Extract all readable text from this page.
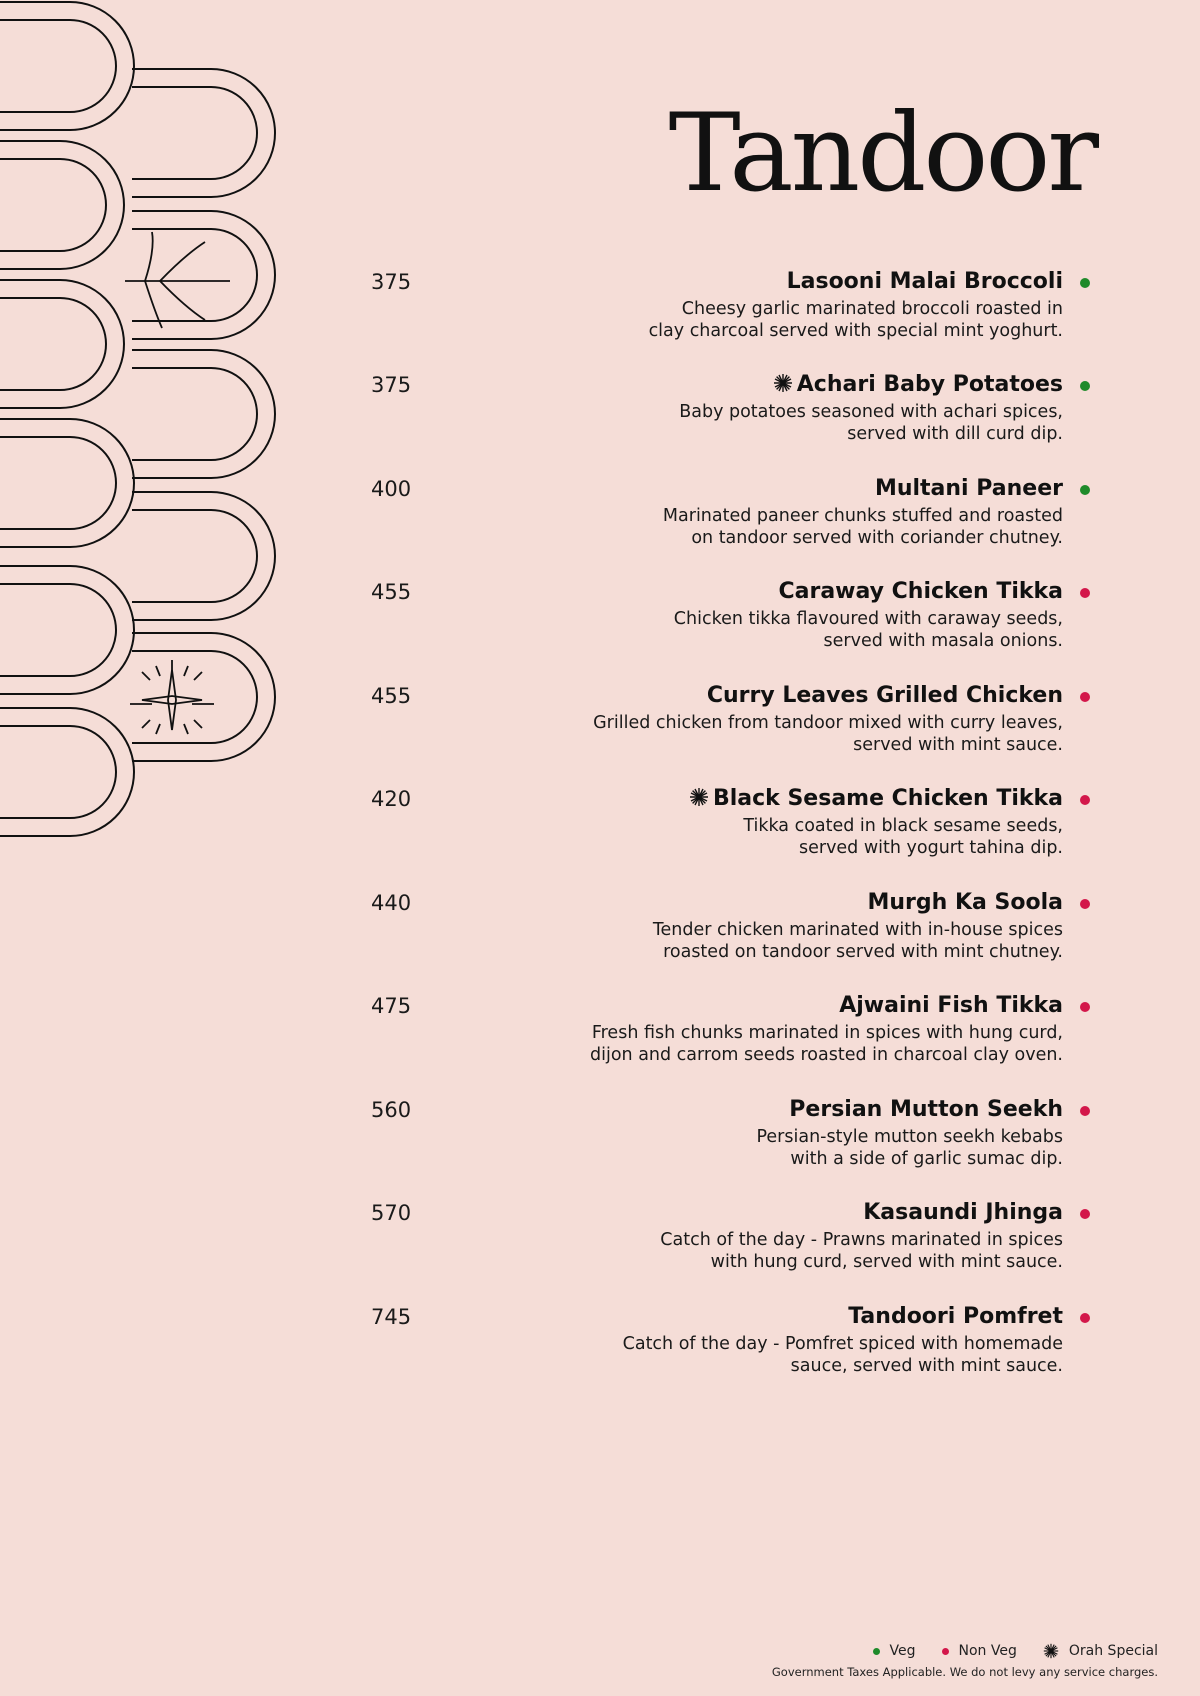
Tandoor
375	Lasooni Malai Broccoli
Cheesy garlic marinated broccoli roasted in
clay charcoal served with special mint yoghurt.
375	Achari Baby Potatoes
Baby potatoes seasoned with achari spices,
served with dill curd dip.
400	Multani Paneer
Marinated paneer chunks stuffed and roasted
on tandoor served with coriander chutney.
455	Caraway Chicken Tikka
Chicken tikka flavoured with caraway seeds,
served with masala onions.
455	Curry Leaves Grilled Chicken
Grilled chicken from tandoor mixed with curry leaves,
served with mint sauce.
420	Black Sesame Chicken Tikka
Tikka coated in black sesame seeds,
served with yogurt tahina dip.
440	Murgh Ka Soola
Tender chicken marinated with in-house spices
roasted on tandoor served with mint chutney.
475	Ajwaini Fish Tikka
Fresh fish chunks marinated in spices with hung curd,
dijon and carrom seeds roasted in charcoal clay oven.
560	Persian Mutton Seekh
Persian-style mutton seekh kebabs
with a side of garlic sumac dip.
570	Kasaundi Jhinga
Catch of the day - Prawns marinated in spices
with hung curd, served with mint sauce.
745	Tandoori Pomfret
Catch of the day - Pomfret spiced with homemade
sauce, served with mint sauce.
Veg	Non Veg	Orah Special
Government Taxes Applicable. We do not levy any service charges.
